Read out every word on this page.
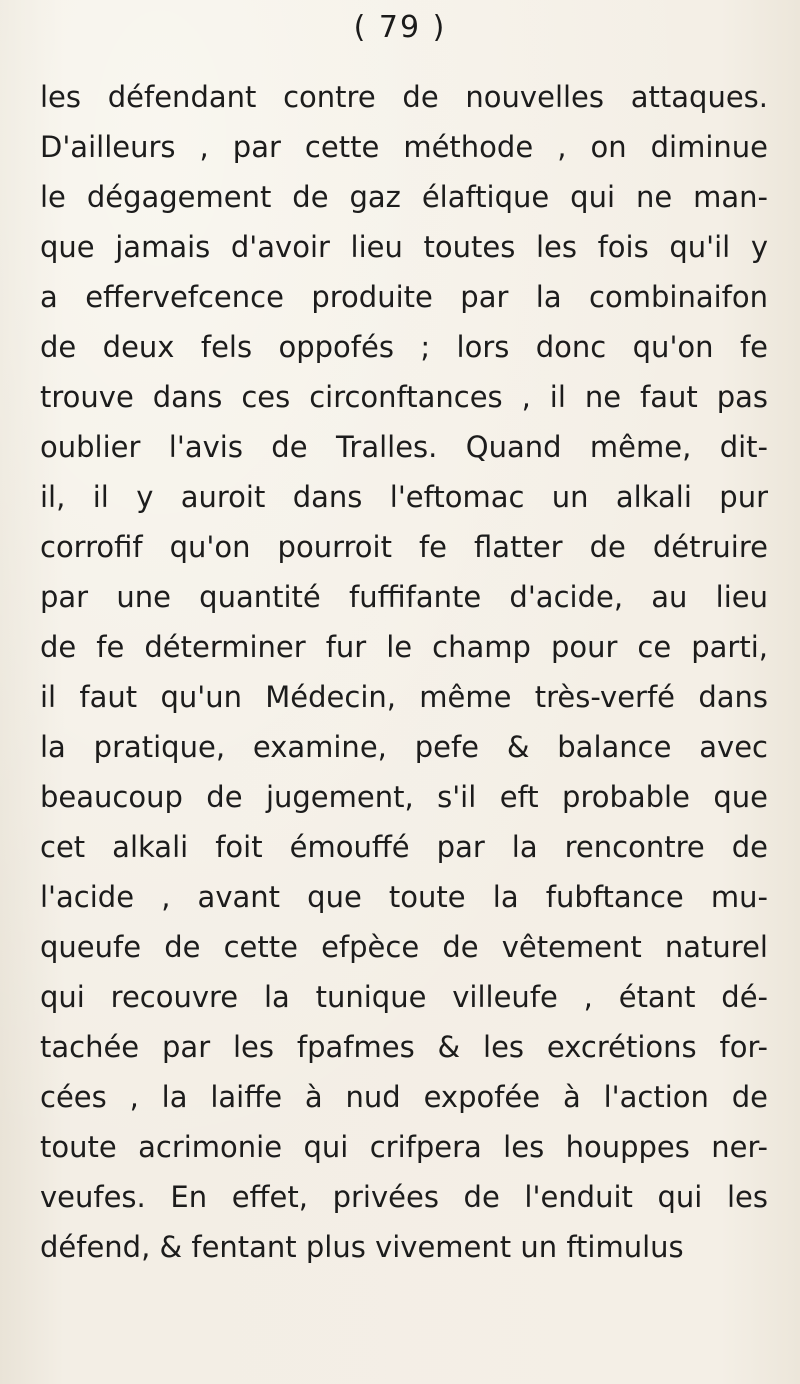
( 79 )
les défendant contre de nouvelles attaques.
D'ailleurs , par cette méthode , on diminue
le dégagement de gaz élaftique qui ne man-
que jamais d'avoir lieu toutes les fois qu'il y
a effervefcence produite par la combinaifon
de deux fels oppofés ; lors donc qu'on fe
trouve dans ces circonftances , il ne faut pas
oublier l'avis de Tralles. Quand même, dit-
il, il y auroit dans l'eftomac un alkali pur
corrofif qu'on pourroit fe flatter de détruire
par une quantité fuffifante d'acide, au lieu
de fe déterminer fur le champ pour ce parti,
il faut qu'un Médecin, même très-verfé dans
la pratique, examine, pefe & balance avec
beaucoup de jugement, s'il eft probable que
cet alkali foit émouffé par la rencontre de
l'acide , avant que toute la fubftance mu-
queufe de cette efpèce de vêtement naturel
qui recouvre la tunique villeufe , étant dé-
tachée par les fpafmes & les excrétions for-
cées , la laiffe à nud expofée à l'action de
toute acrimonie qui crifpera les houppes ner-
veufes. En effet, privées de l'enduit qui les
défend, & fentant plus vivement un ftimulus
